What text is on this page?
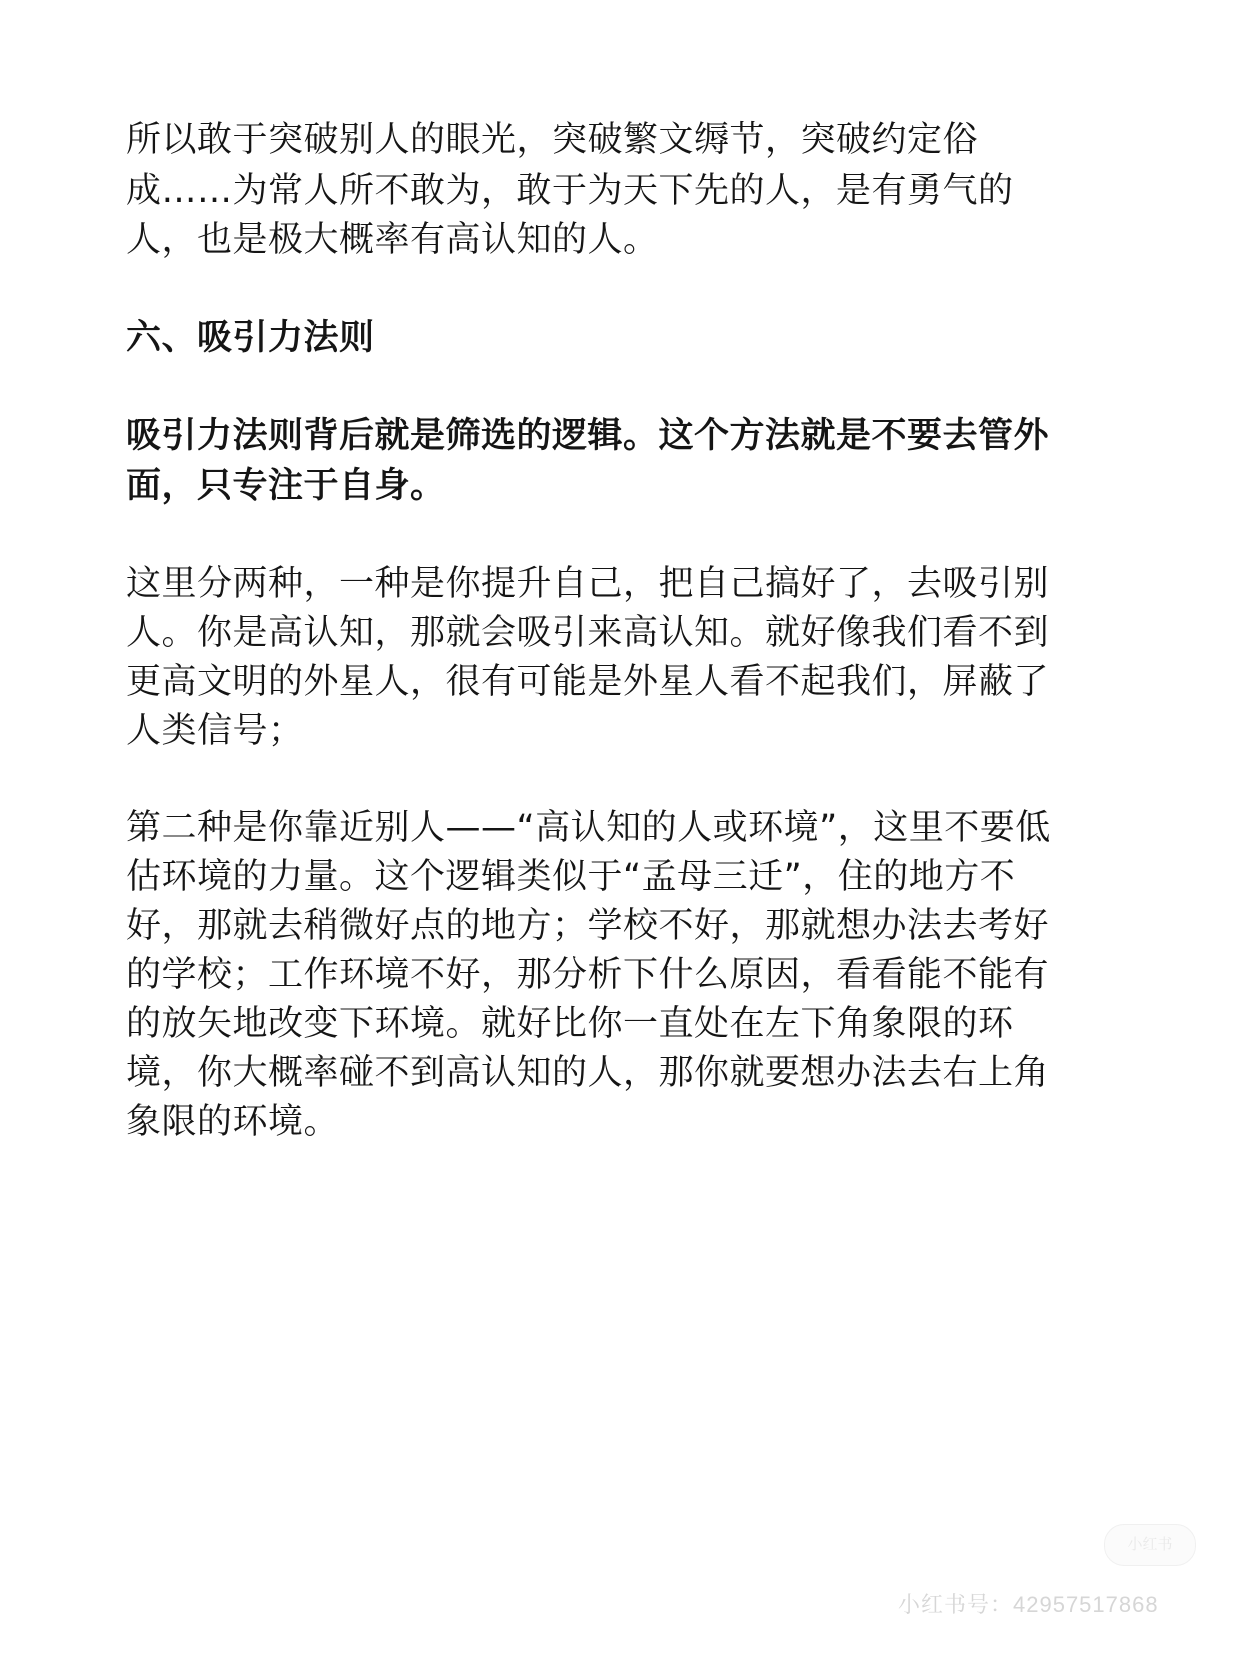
所以敢于突破别人的眼光，突破繁文缛节，突破约定俗
成……为常人所不敢为，敢于为天下先的人，是有勇气的
人，也是极大概率有高认知的人。
六、吸引力法则
吸引力法则背后就是筛选的逻辑。这个方法就是不要去管外
面，只专注于自身。
这里分两种，一种是你提升自己，把自己搞好了，去吸引别
人。你是高认知，那就会吸引来高认知。就好像我们看不到
更高文明的外星人，很有可能是外星人看不起我们，屏蔽了
人类信号；
第二种是你靠近别人——“高认知的人或环境”，这里不要低
估环境的力量。这个逻辑类似于“孟母三迁”，住的地方不
好，那就去稍微好点的地方；学校不好，那就想办法去考好
的学校；工作环境不好，那分析下什么原因，看看能不能有
的放矢地改变下环境。就好比你一直处在左下角象限的环
境，你大概率碰不到高认知的人，那你就要想办法去右上角
象限的环境。
小红书
小红书号：42957517868
